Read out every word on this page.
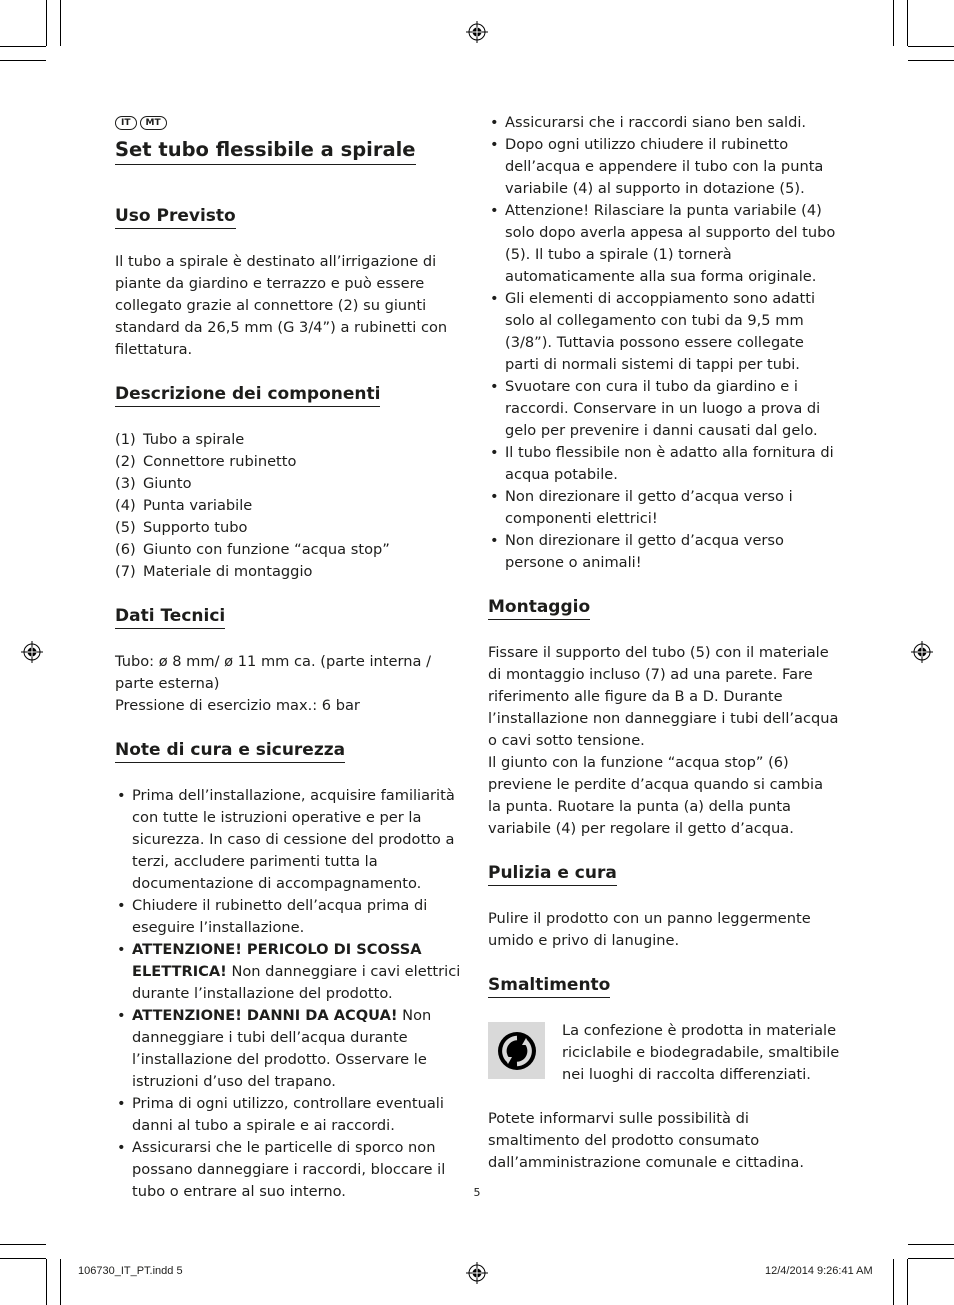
IT MT
Set tubo flessibile a spirale
Uso Previsto

Il tubo a spirale è destinato all’irrigazione di piante da giardino e terrazzo e può essere collegato grazie al connettore (2) su giunti standard da 26,5 mm (G 3/4”) a rubinetti con filettatura.

Descrizione dei componenti
(1) Tubo a spirale
(2) Connettore rubinetto
(3) Giunto
(4) Punta variabile
(5) Supporto tubo
(6) Giunto con funzione “acqua stop”
(7) Materiale di montaggio
Dati Tecnici

Tubo: ø 8 mm/ ø 11 mm ca. (parte interna / parte esterna)

Pressione di esercizio max.: 6 bar

Note di cura e sicurezza
• Prima dell’installazione, acquisire familiarità con tutte le istruzioni operative e per la sicurezza. In caso di cessione del prodotto a terzi, accludere parimenti tutta la documentazione di accompagnamento.
• Chiudere il rubinetto dell’acqua prima di eseguire l’installazione.
• ATTENZIONE! PERICOLO DI SCOSSA ELETTRICA! Non danneggiare i cavi elettrici durante l’installazione del prodotto.
• ATTENZIONE! DANNI DA ACQUA! Non danneggiare i tubi dell’acqua durante l’installazione del prodotto. Osservare le istruzioni d’uso del trapano.
• Prima di ogni utilizzo, controllare eventuali danni al tubo a spirale e ai raccordi.
• Assicurarsi che le particelle di sporco non possano danneggiare i raccordi, bloccare il tubo o entrare al suo interno.
• Assicurarsi che i raccordi siano ben saldi.
• Dopo ogni utilizzo chiudere il rubinetto dell’acqua e appendere il tubo con la punta variabile (4) al supporto in dotazione (5).
• Attenzione! Rilasciare la punta variabile (4) solo dopo averla appesa al supporto del tubo (5). Il tubo a spirale (1) tornerà automaticamente alla sua forma originale.
• Gli elementi di accoppiamento sono adatti solo al collegamento con tubi da 9,5 mm (3/8”). Tuttavia possono essere collegate parti di normali sistemi di tappi per tubi.
• Svuotare con cura il tubo da giardino e i raccordi. Conservare in un luogo a prova di gelo per prevenire i danni causati dal gelo.
• Il tubo flessibile non è adatto alla fornitura di acqua potabile.
• Non direzionare il getto d’acqua verso i componenti elettrici!
• Non direzionare il getto d’acqua verso persone o animali!
Montaggio

Fissare il supporto del tubo (5) con il materiale di montaggio incluso (7) ad una parete. Fare riferimento alle figure da B a D. Durante l’installazione non danneggiare i tubi dell’acqua o cavi sotto tensione.

Il giunto con la funzione “acqua stop” (6) previene le perdite d’acqua quando si cambia la punta. Ruotare la punta (a) della punta variabile (4) per regolare il getto d’acqua.

Pulizia e cura

Pulire il prodotto con un panno leggermente umido e privo di lanugine.

Smaltimento
La confezione è prodotta in materiale riciclabile e biodegradabile, smaltibile nei luoghi di raccolta differenziati.

Potete informarvi sulle possibilità di smaltimento del prodotto consumato dall’amministrazione comunale e cittadina.

5
106730_IT_PT.indd 5	12/4/2014 9:26:41 AM
